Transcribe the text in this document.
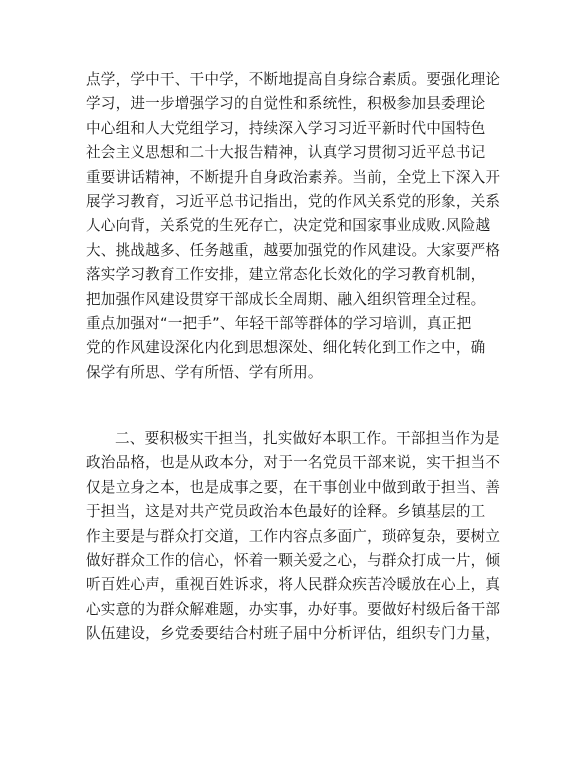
点学，学中干、干中学，不断地提高自身综合素质。要强化理论
学习，进一步增强学习的自觉性和系统性，积极参加县委理论
中心组和人大党组学习，持续深入学习习近平新时代中国特色
社会主义思想和二十大报告精神，认真学习贯彻习近平总书记
重要讲话精神，不断提升自身政治素养。当前，全党上下深入开
展学习教育，习近平总书记指出，党的作风关系党的形象，关系
人心向背，关系党的生死存亡，决定党和国家事业成败.风险越
大、挑战越多、任务越重，越要加强党的作风建设。大家要严格
落实学习教育工作安排，建立常态化长效化的学习教育机制，
把加强作风建设贯穿干部成长全周期、融入组织管理全过程。
重点加强对“一把手”、年轻干部等群体的学习培训，真正把
党的作风建设深化内化到思想深处、细化转化到工作之中，确
保学有所思、学有所悟、学有所用。
二、要积极实干担当，扎实做好本职工作。干部担当作为是
政治品格，也是从政本分，对于一名党员干部来说，实干担当不
仅是立身之本，也是成事之要，在干事创业中做到敢于担当、善
于担当，这是对共产党员政治本色最好的诠释。乡镇基层的工
作主要是与群众打交道，工作内容点多面广，琐碎复杂，要树立
做好群众工作的信心，怀着一颗关爱之心，与群众打成一片，倾
听百姓心声，重视百姓诉求，将人民群众疾苦冷暖放在心上，真
心实意的为群众解难题，办实事，办好事。要做好村级后备干部
队伍建设，乡党委要结合村班子届中分析评估，组织专门力量，
